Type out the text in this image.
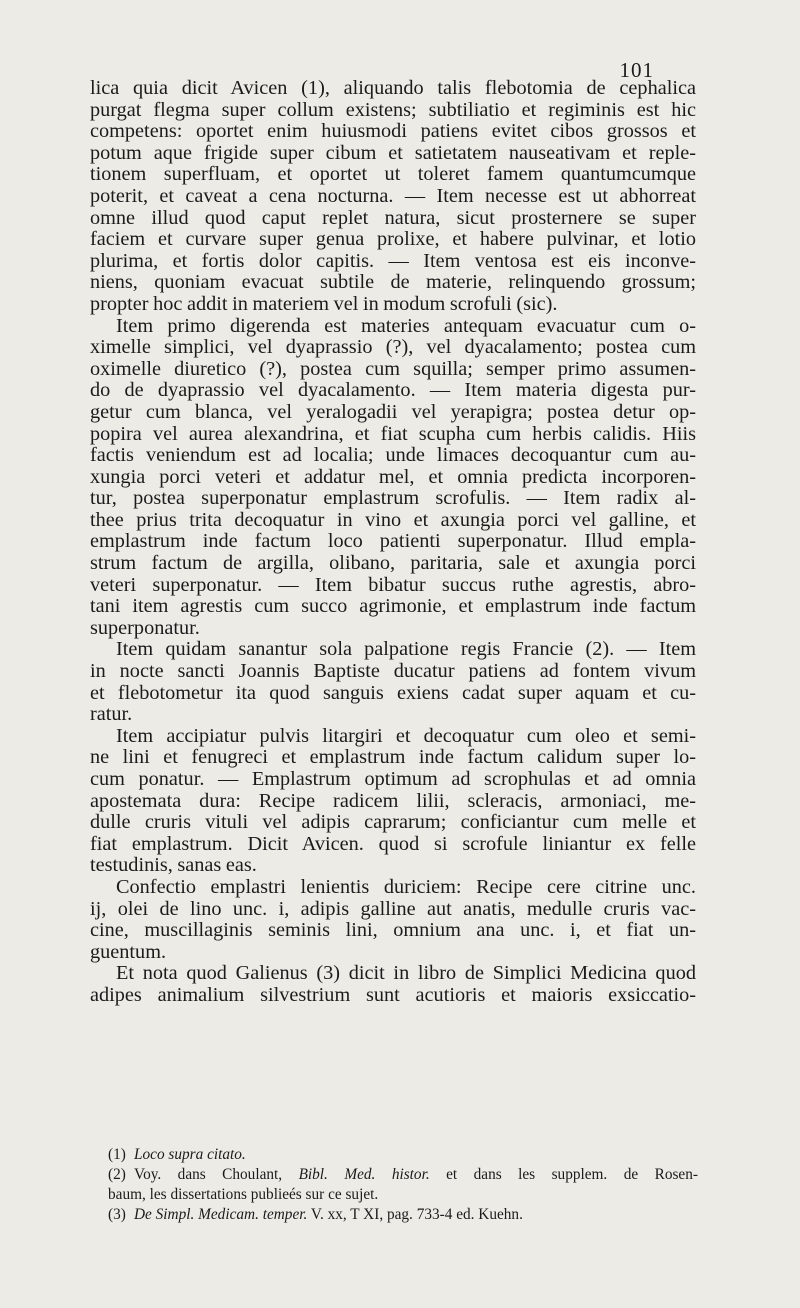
101
lica quia dicit Avicen (1), aliquando talis flebotomia de cephalica
purgat flegma super collum existens; subtiliatio et regiminis est hic
competens: oportet enim huiusmodi patiens evitet cibos grossos et
potum aque frigide super cibum et satietatem nauseativam et reple-
tionem superfluam, et oportet ut toleret famem quantumcumque
poterit, et caveat a cena nocturna. — Item necesse est ut abhorreat
omne illud quod caput replet natura, sicut prosternere se super
faciem et curvare super genua prolixe, et habere pulvinar, et lotio
plurima, et fortis dolor capitis. — Item ventosa est eis inconve-
niens, quoniam evacuat subtile de materie, relinquendo grossum;
propter hoc addit in materiem vel in modum scrofuli (sic).
Item primo digerenda est materies antequam evacuatur cum o-
ximelle simplici, vel dyaprassio (?), vel dyacalamento; postea cum
oximelle diuretico (?), postea cum squilla; semper primo assumen-
do de dyaprassio vel dyacalamento. — Item materia digesta pur-
getur cum blanca, vel yeralogadii vel yerapigra; postea detur op-
popira vel aurea alexandrina, et fiat scupha cum herbis calidis. Hiis
factis veniendum est ad localia; unde limaces decoquantur cum au-
xungia porci veteri et addatur mel, et omnia predicta incorporen-
tur, postea superponatur emplastrum scrofulis. — Item radix al-
thee prius trita decoquatur in vino et axungia porci vel galline, et
emplastrum inde factum loco patienti superponatur. Illud empla-
strum factum de argilla, olibano, paritaria, sale et axungia porci
veteri superponatur. — Item bibatur succus ruthe agrestis, abro-
tani item agrestis cum succo agrimonie, et emplastrum inde factum
superponatur.
Item quidam sanantur sola palpatione regis Francie (2). — Item
in nocte sancti Joannis Baptiste ducatur patiens ad fontem vivum
et flebotometur ita quod sanguis exiens cadat super aquam et cu-
ratur.
Item accipiatur pulvis litargiri et decoquatur cum oleo et semi-
ne lini et fenugreci et emplastrum inde factum calidum super lo-
cum ponatur. — Emplastrum optimum ad scrophulas et ad omnia
apostemata dura: Recipe radicem lilii, scleracis, armoniaci, me-
dulle cruris vituli vel adipis caprarum; conficiantur cum melle et
fiat emplastrum. Dicit Avicen. quod si scrofule liniantur ex felle
testudinis, sanas eas.
Confectio emplastri lenientis duriciem: Recipe cere citrine unc.
ij, olei de lino unc. i, adipis galline aut anatis, medulle cruris vac-
cine, muscillaginis seminis lini, omnium ana unc. i, et fiat un-
guentum.
Et nota quod Galienus (3) dicit in libro de Simplici Medicina quod
adipes animalium silvestrium sunt acutioris et maioris exsiccatio-
(1) Loco supra citato.
(2) Voy. dans Choulant, Bibl. Med. histor. et dans les supplem. de Rosen-
baum, les dissertations publieés sur ce sujet.
(3) De Simpl. Medicam. temper. V. xx, T XI, pag. 733-4 ed. Kuehn.
